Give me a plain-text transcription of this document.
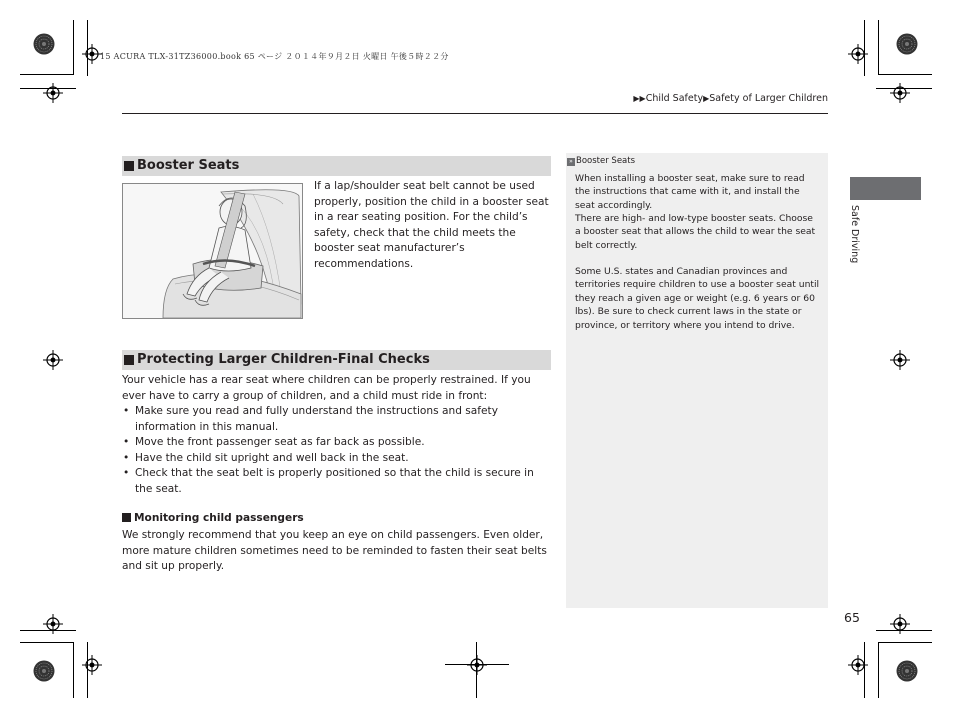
15 ACURA TLX-31TZ36000.book 65 ページ ２０１４年９月２日 火曜日 午後５時２２分
▶▶Child Safety▶Safety of Larger Children
Booster Seats
If a lap/shoulder seat belt cannot be used properly, position the child in a booster seat in a rear seating position. For the child’s safety, check that the child meets the booster seat manufacturer’s recommendations.
Protecting Larger Children-Final Checks
Your vehicle has a rear seat where children can be properly restrained. If you ever have to carry a group of children, and a child must ride in front:
• Make sure you read and fully understand the instructions and safety information in this manual.
• Move the front passenger seat as far back as possible.
• Have the child sit upright and well back in the seat.
• Check that the seat belt is properly positioned so that the child is secure in the seat.
Monitoring child passengers
We strongly recommend that you keep an eye on child passengers. Even older, more mature children sometimes need to be reminded to fasten their seat belts and sit up properly.
» Booster Seats
When installing a booster seat, make sure to read the instructions that came with it, and install the seat accordingly.
There are high- and low-type booster seats. Choose a booster seat that allows the child to wear the seat belt correctly.
Some U.S. states and Canadian provinces and territories require children to use a booster seat until they reach a given age or weight (e.g. 6 years or 60 lbs). Be sure to check current laws in the state or province, or territory where you intend to drive.
Safe Driving
65
